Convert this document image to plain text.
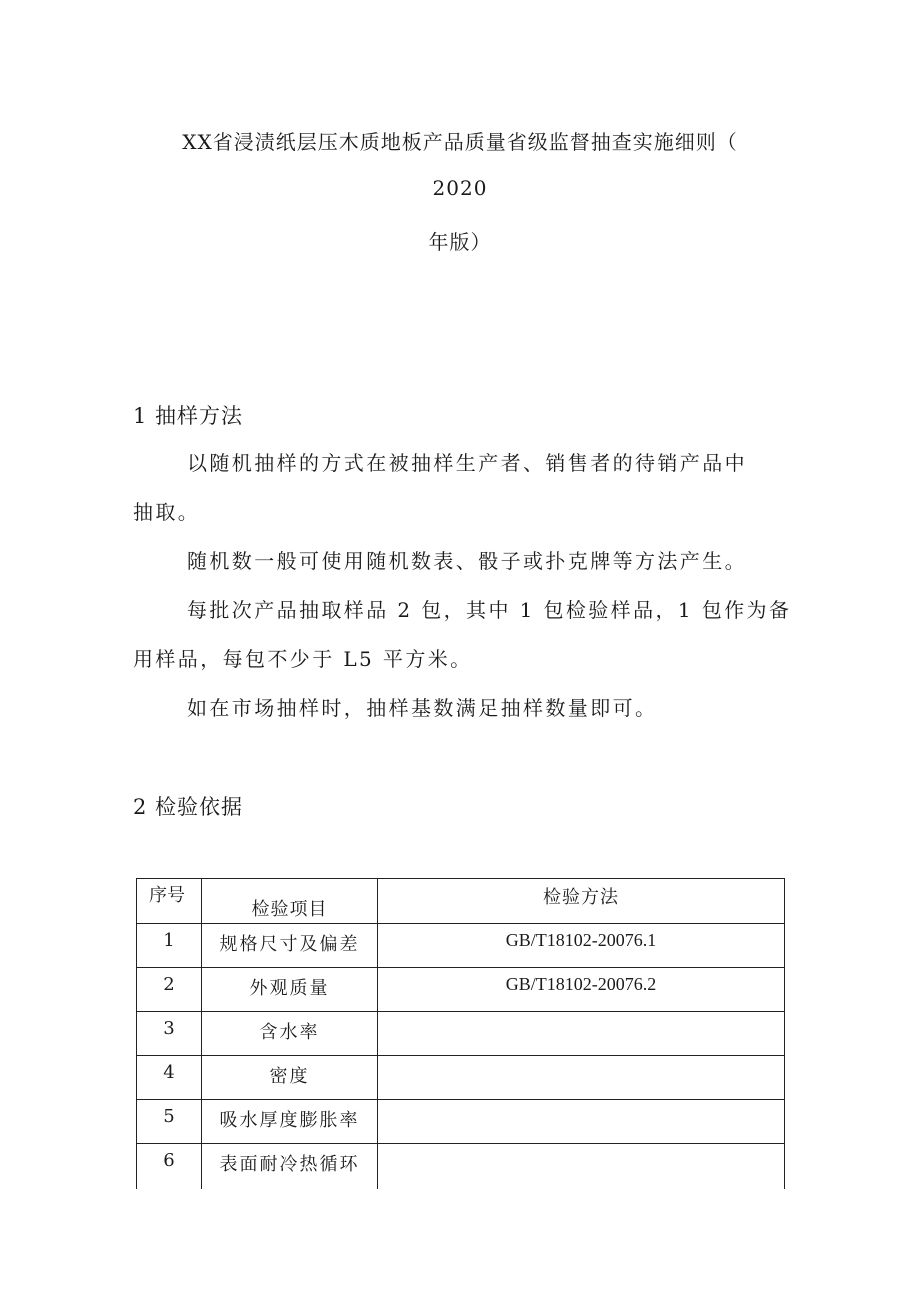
XX省浸渍纸层压木质地板产品质量省级监督抽查实施细则（
2020
年版）
1 抽样方法
以随机抽样的方式在被抽样生产者、销售者的待销产品中
抽取。
随机数一般可使用随机数表、骰子或扑克牌等方法产生。
每批次产品抽取样品 2 包，其中 1 包检验样品，1 包作为备
用样品，每包不少于 L5 平方米。
如在市场抽样时，抽样基数满足抽样数量即可。
2 检验依据
序号	检验项目	检验方法
1	规格尺寸及偏差	GB/T18102-20076.1
2	外观质量	GB/T18102-20076.2
3	含水率	
4	密度	
5	吸水厚度膨胀率	
6	表面耐冷热循环	
